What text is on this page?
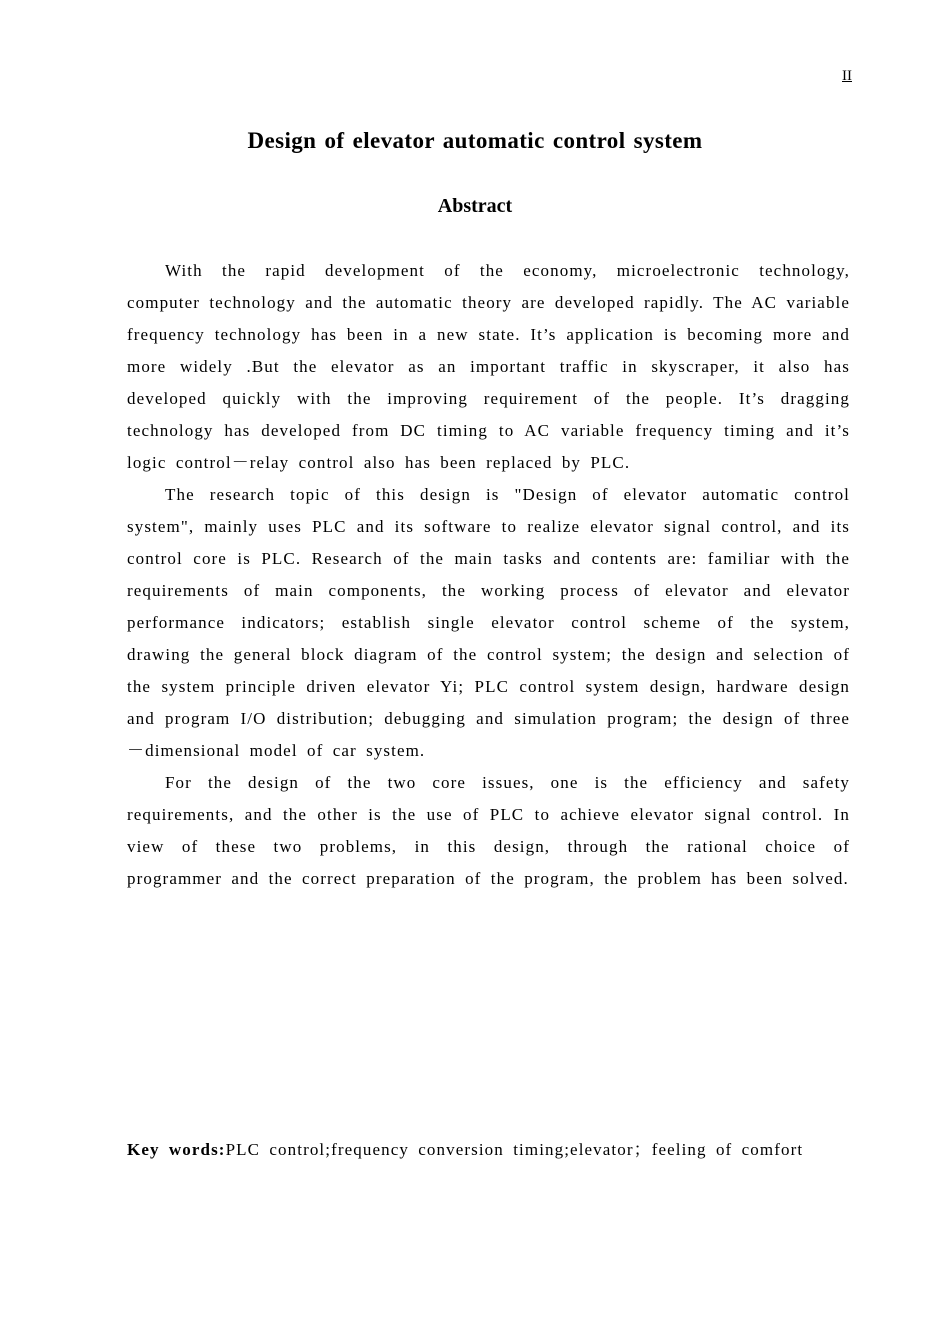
II
Design of elevator automatic control system
Abstract

With the rapid development of the economy, microelectronic technology, computer technology and the automatic theory are developed rapidly. The AC variable frequency technology has been in a new state. It’s application is becoming more and more widely .But the elevator as an important traffic in skyscraper, it also has developed quickly with the improving requirement of the people. It’s dragging technology has developed from DC timing to AC variable frequency timing and it’s logic control－relay control also has been replaced by PLC.

The research topic of this design is "Design of elevator automatic control system", mainly uses PLC and its software to realize elevator signal control, and its control core is PLC. Research of the main tasks and contents are: familiar with the requirements of main components, the working process of elevator and elevator performance indicators; establish single elevator control scheme of the system, drawing the general block diagram of the control system; the design and selection of the system principle driven elevator Yi; PLC control system design, hardware design and program I/O distribution; debugging and simulation program; the design of three－dimensional model of car system.

For the design of the two core issues, one is the efficiency and safety requirements, and the other is the use of PLC to achieve elevator signal control. In view of these two problems, in this design, through the rational choice of programmer and the correct preparation of the program, the problem has been solved.

Key words:PLC control;frequency conversion timing;elevator；feeling of comfort
